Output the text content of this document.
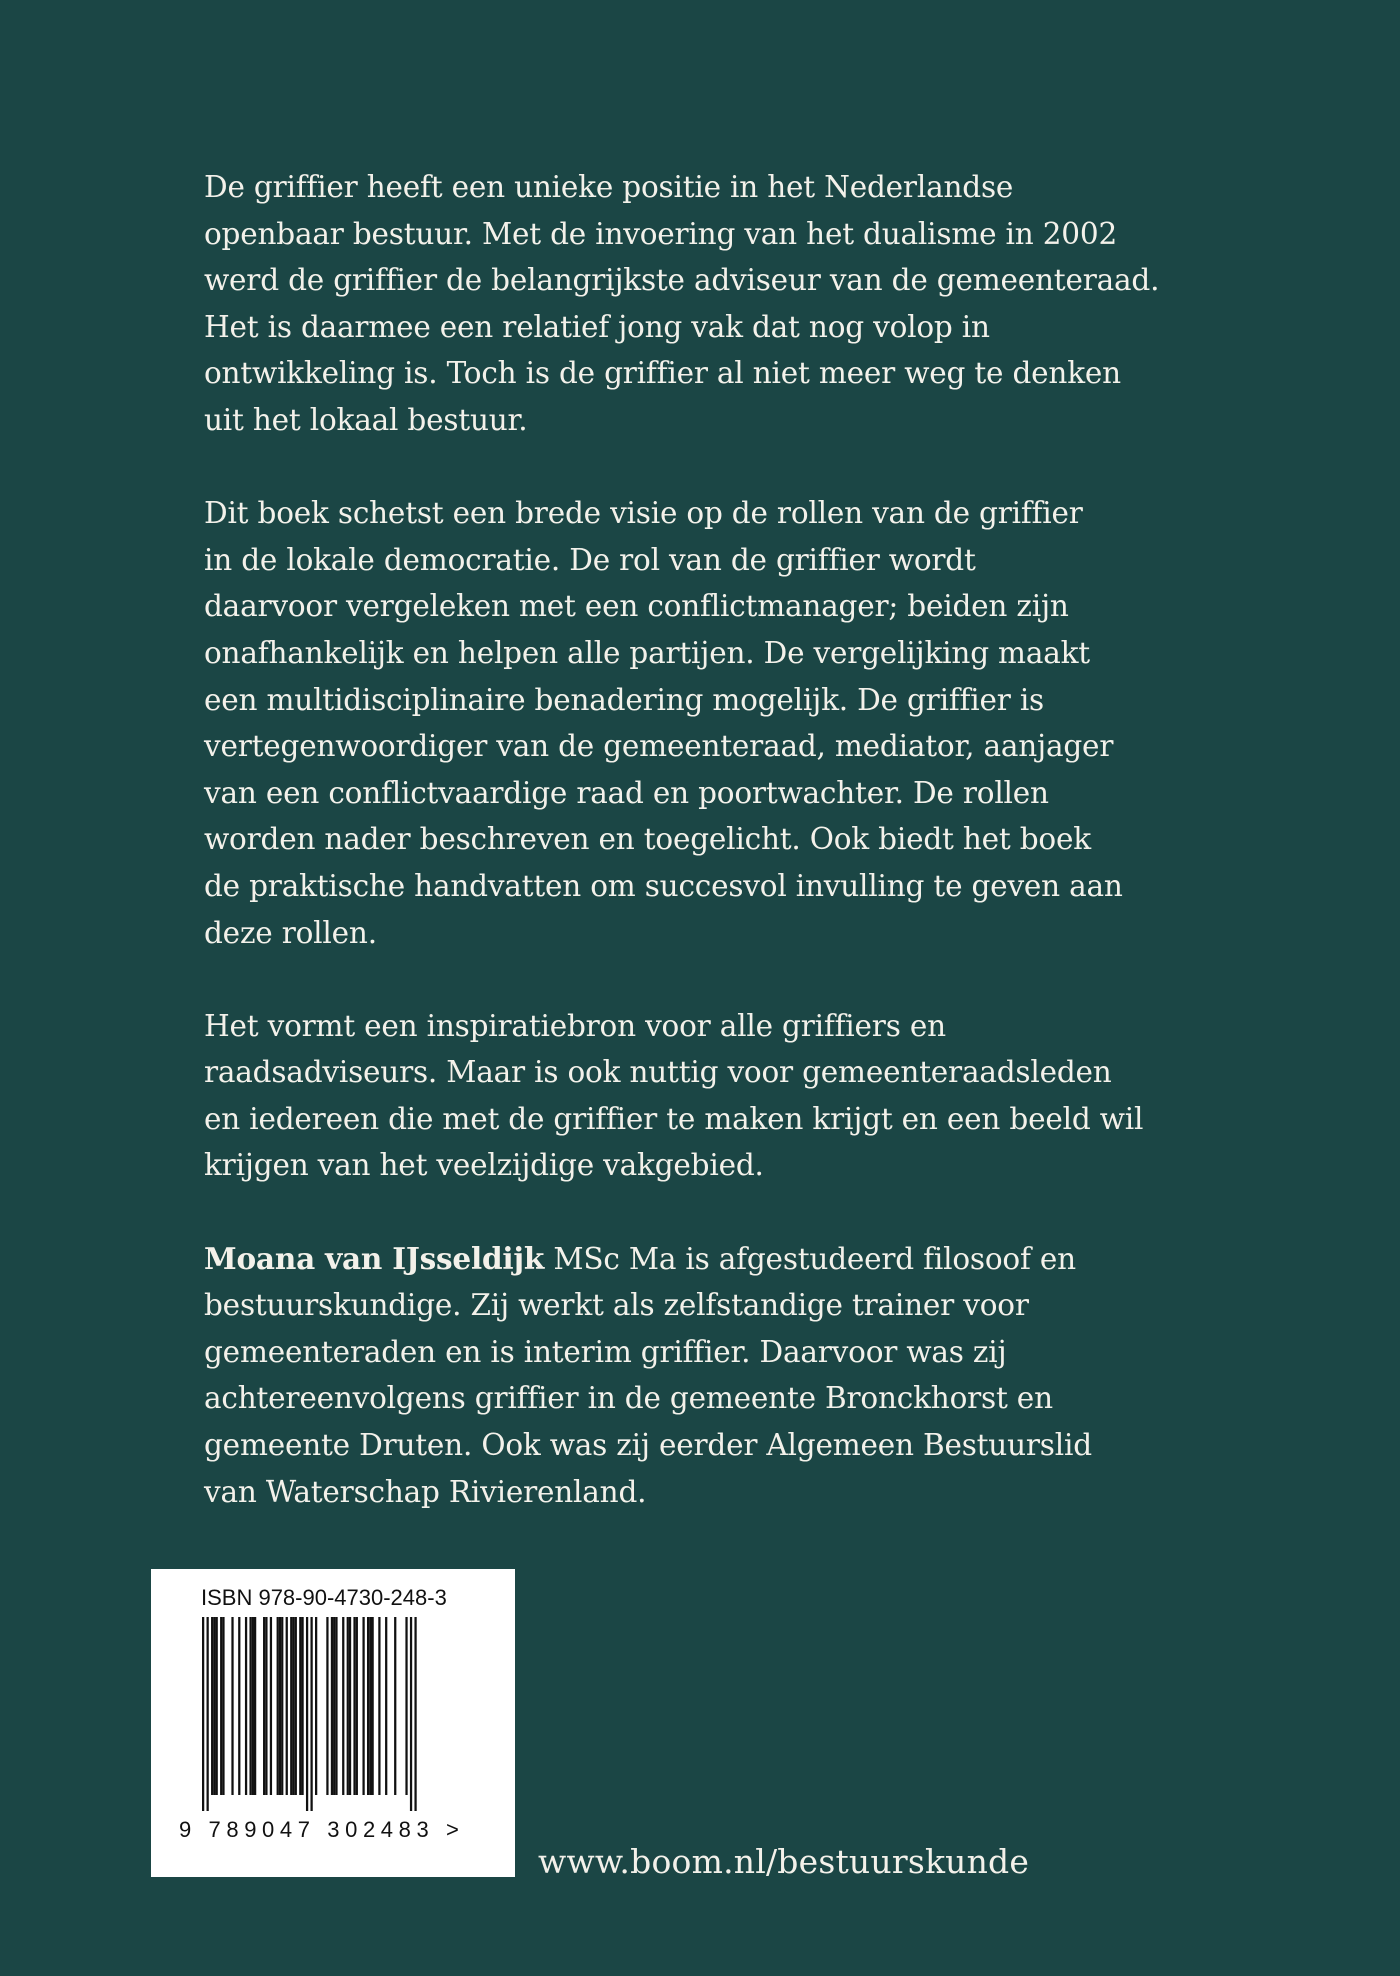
De griffier heeft een unieke positie in het Nederlandse
openbaar bestuur. Met de invoering van het dualisme in 2002
werd de griffier de belangrijkste adviseur van de gemeenteraad.
Het is daarmee een relatief jong vak dat nog volop in
ontwikkeling is. Toch is de griffier al niet meer weg te denken
uit het lokaal bestuur.

Dit boek schetst een brede visie op de rollen van de griffier
in de lokale democratie. De rol van de griffier wordt
daarvoor vergeleken met een conflictmanager; beiden zijn
onafhankelijk en helpen alle partijen. De vergelijking maakt
een multidisciplinaire benadering mogelijk. De griffier is
vertegenwoordiger van de gemeenteraad, mediator, aanjager
van een conflictvaardige raad en poortwachter. De rollen
worden nader beschreven en toegelicht. Ook biedt het boek
de praktische handvatten om succesvol invulling te geven aan
deze rollen.

Het vormt een inspiratiebron voor alle griffiers en
raadsadviseurs. Maar is ook nuttig voor gemeenteraadsleden
en iedereen die met de griffier te maken krijgt en een beeld wil
krijgen van het veelzijdige vakgebied.

Moana van IJsseldijk MSc Ma is afgestudeerd filosoof en
bestuurskundige. Zij werkt als zelfstandige trainer voor
gemeenteraden en is interim griffier. Daarvoor was zij
achtereenvolgens griffier in de gemeente Bronckhorst en
gemeente Druten. Ook was zij eerder Algemeen Bestuurslid
van Waterschap Rivierenland.

ISBN 978-90-4730-248-3
9 789047 302483 >
www.boom.nl/bestuurskunde
